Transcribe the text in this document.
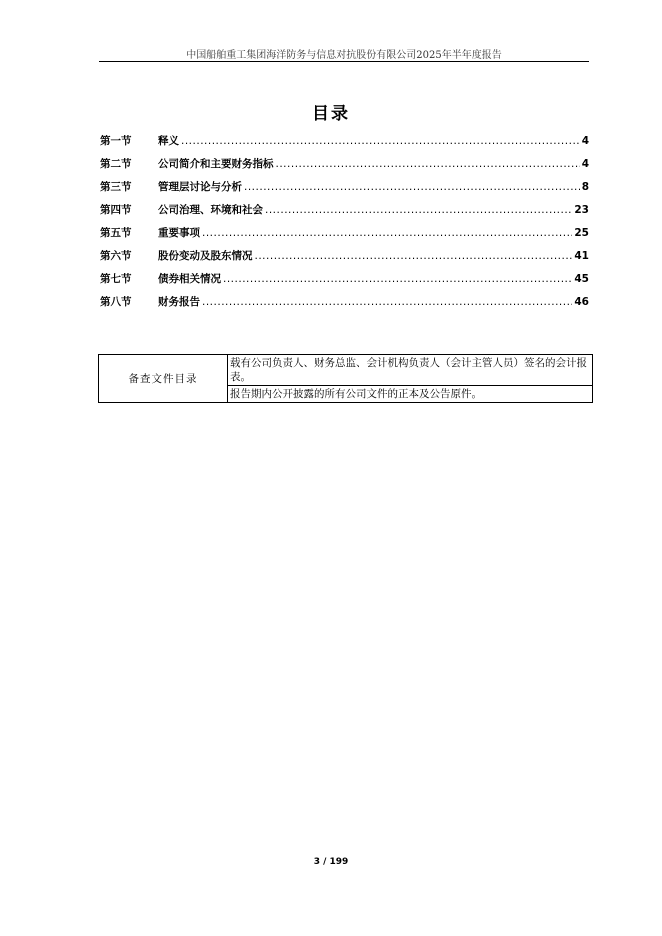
中国船舶重工集团海洋防务与信息对抗股份有限公司2025年半年度报告
目录
第一节	释义 .....	4
第二节	公司简介和主要财务指标 .....	4
第三节	管理层讨论与分析 .....	8
第四节	公司治理、环境和社会 .....	23
第五节	重要事项 .....	25
第六节	股份变动及股东情况 .....	41
第七节	债券相关情况 .....	45
第八节	财务报告 .....	46
备查文件目录	载有公司负责人、财务总监、会计机构负责人（会计主管人员）签名的会计报表。
报告期内公开披露的所有公司文件的正本及公告原件。
3 / 199
